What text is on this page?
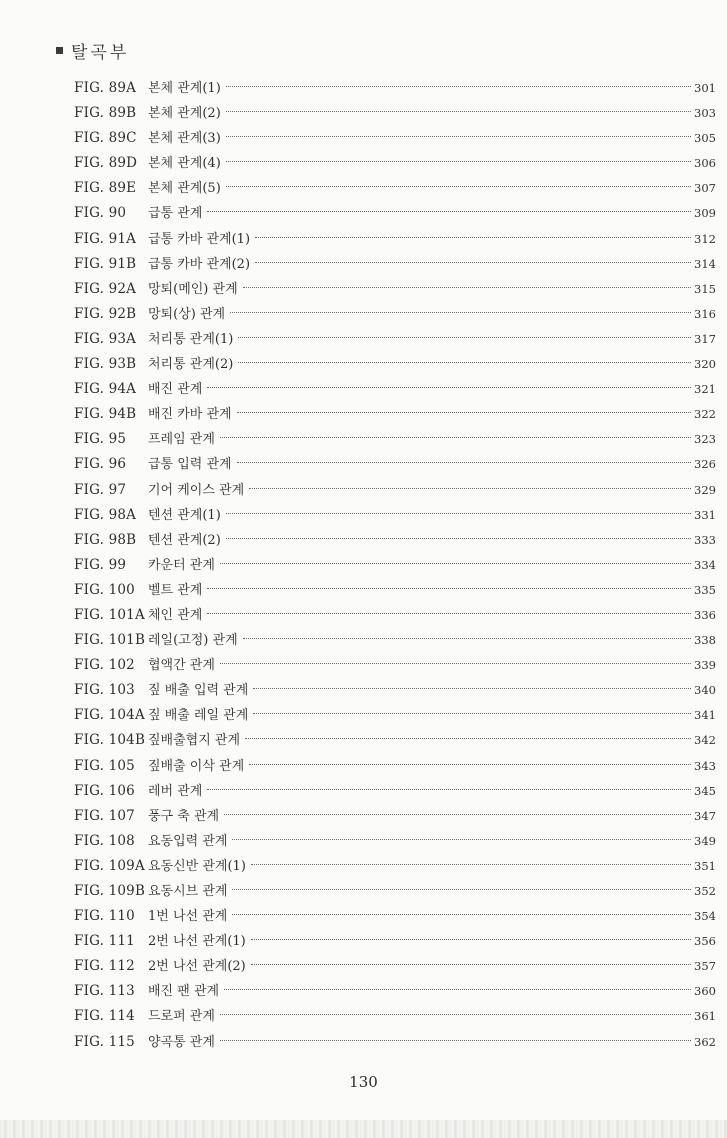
탈곡부
FIG. 89A 본체 관계(1)	301
FIG. 89B 본체 관계(2)	303
FIG. 89C 본체 관계(3)	305
FIG. 89D 본체 관계(4)	306
FIG. 89E 본체 관계(5)	307
FIG. 90	급통 관계	309
FIG. 91A 급통 카바 관계(1)	312
FIG. 91B 급통 카바 관계(2)	314
FIG. 92A 망퇴(메인) 관계	315
FIG. 92B 망퇴(상) 관계	316
FIG. 93A 처리통 관계(1)	317
FIG. 93B 처리통 관계(2)	320
FIG. 94A 배진 관계	321
FIG. 94B 배진 카바 관계	322
FIG. 95	프레임 관계	323
FIG. 96	급통 입력 관계	326
FIG. 97	기어 케이스 관계	329
FIG. 98A 텐션 관계(1)	331
FIG. 98B 텐션 관계(2)	333
FIG. 99	카운터 관계	334
FIG. 100	벨트 관계	335
FIG. 101A 체인 관계	336
FIG. 101B 레일(고정) 관계	338
FIG. 102	협액간 관계	339
FIG. 103	짚 배출 입력 관계	340
FIG. 104A 짚 배출 레일 관계	341
FIG. 104B 짚배출협지 관계	342
FIG. 105	짚배출 이삭 관계	343
FIG. 106	레버 관계	345
FIG. 107	풍구 축 관계	347
FIG. 108	요동입력 관계	349
FIG. 109A 요동신반 관계(1)	351
FIG. 109B 요동시브 관계	352
FIG. 110	1번 나선 관계	354
FIG. 111	2번 나선 관계(1)	356
FIG. 112	2번 나선 관계(2)	357
FIG. 113	배진 팬 관계	360
FIG. 114	드로퍼 관계	361
FIG. 115	양곡통 관계	362
130
